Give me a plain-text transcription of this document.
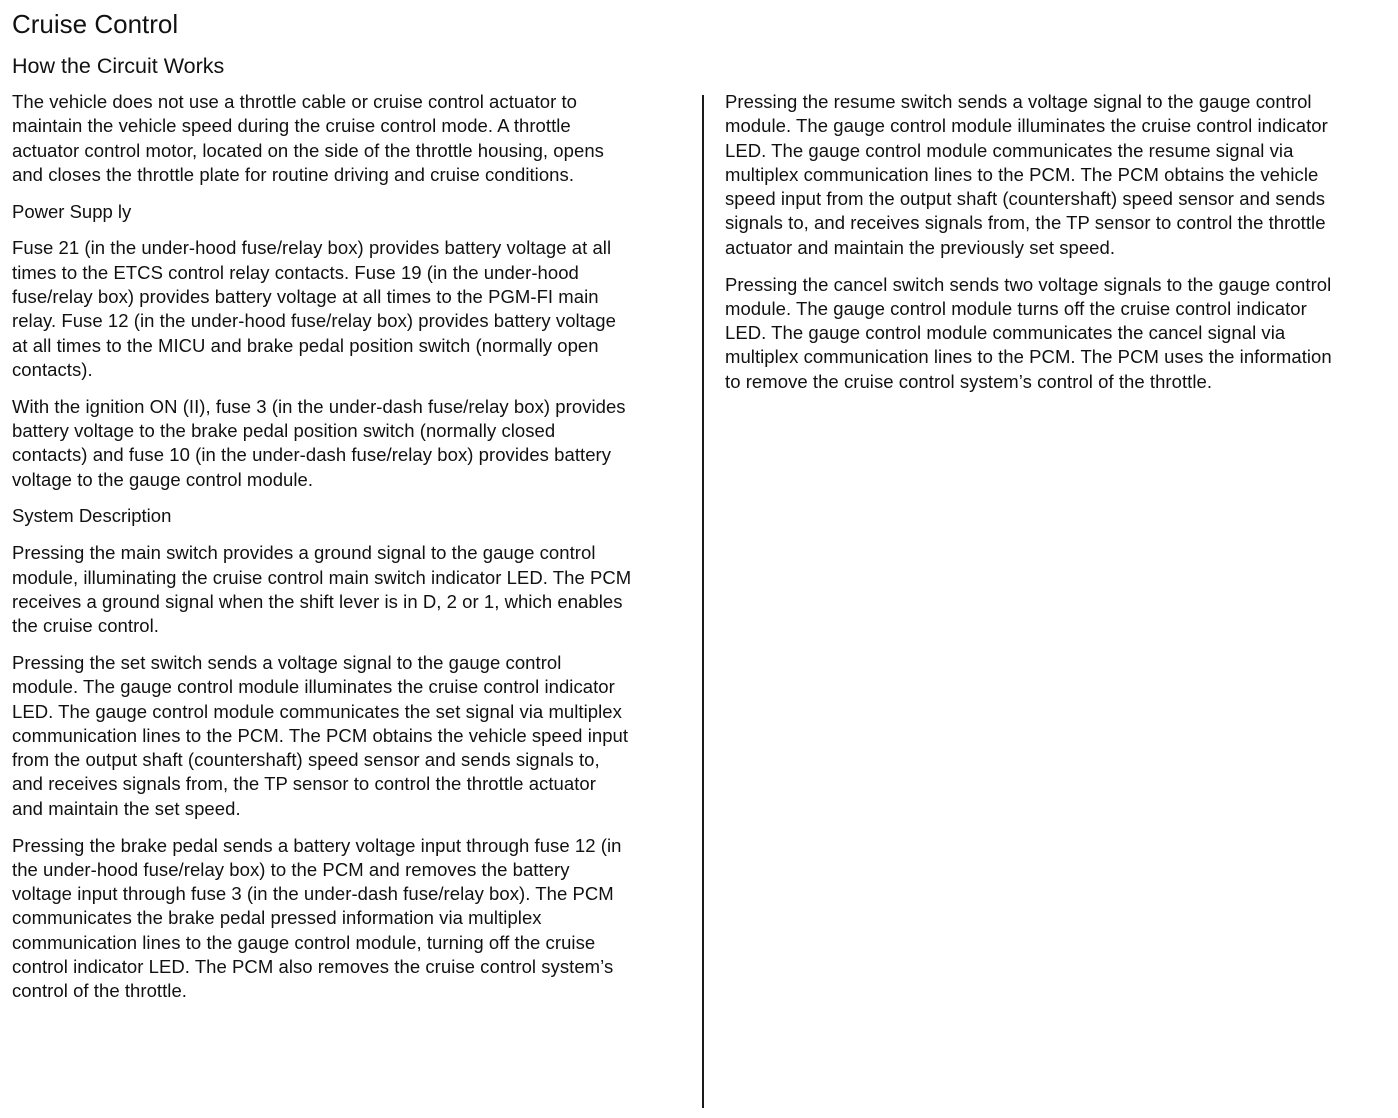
Cruise Control
How the Circuit Works

The vehicle does not use a throttle cable or cruise control actuator to
maintain the vehicle speed during the cruise control mode. A throttle
actuator control motor, located on the side of the throttle housing, opens
and closes the throttle plate for routine driving and cruise conditions.

Power Supp ly

Fuse 21 (in the under-hood fuse/relay box) provides battery voltage at all
times to the ETCS control relay contacts. Fuse 19 (in the under-hood
fuse/relay box) provides battery voltage at all times to the PGM-FI main
relay. Fuse 12 (in the under-hood fuse/relay box) provides battery voltage
at all times to the MICU and brake pedal position switch (normally open
contacts).

With the ignition ON (II), fuse 3 (in the under-dash fuse/relay box) provides
battery voltage to the brake pedal position switch (normally closed
contacts) and fuse 10 (in the under-dash fuse/relay box) provides battery
voltage to the gauge control module.

System Description

Pressing the main switch provides a ground signal to the gauge control
module, illuminating the cruise control main switch indicator LED. The PCM
receives a ground signal when the shift lever is in D, 2 or 1, which enables
the cruise control.

Pressing the set switch sends a voltage signal to the gauge control
module. The gauge control module illuminates the cruise control indicator
LED. The gauge control module communicates the set signal via multiplex
communication lines to the PCM. The PCM obtains the vehicle speed input
from the output shaft (countershaft) speed sensor and sends signals to,
and receives signals from, the TP sensor to control the throttle actuator
and maintain the set speed.

Pressing the brake pedal sends a battery voltage input through fuse 12 (in
the under-hood fuse/relay box) to the PCM and removes the battery
voltage input through fuse 3 (in the under-dash fuse/relay box). The PCM
communicates the brake pedal pressed information via multiplex
communication lines to the gauge control module, turning off the cruise
control indicator LED. The PCM also removes the cruise control system’s
control of the throttle.

Pressing the resume switch sends a voltage signal to the gauge control
module. The gauge control module illuminates the cruise control indicator
LED. The gauge control module communicates the resume signal via
multiplex communication lines to the PCM. The PCM obtains the vehicle
speed input from the output shaft (countershaft) speed sensor and sends
signals to, and receives signals from, the TP sensor to control the throttle
actuator and maintain the previously set speed.

Pressing the cancel switch sends two voltage signals to the gauge control
module. The gauge control module turns off the cruise control indicator
LED. The gauge control module communicates the cancel signal via
multiplex communication lines to the PCM. The PCM uses the information
to remove the cruise control system’s control of the throttle.
